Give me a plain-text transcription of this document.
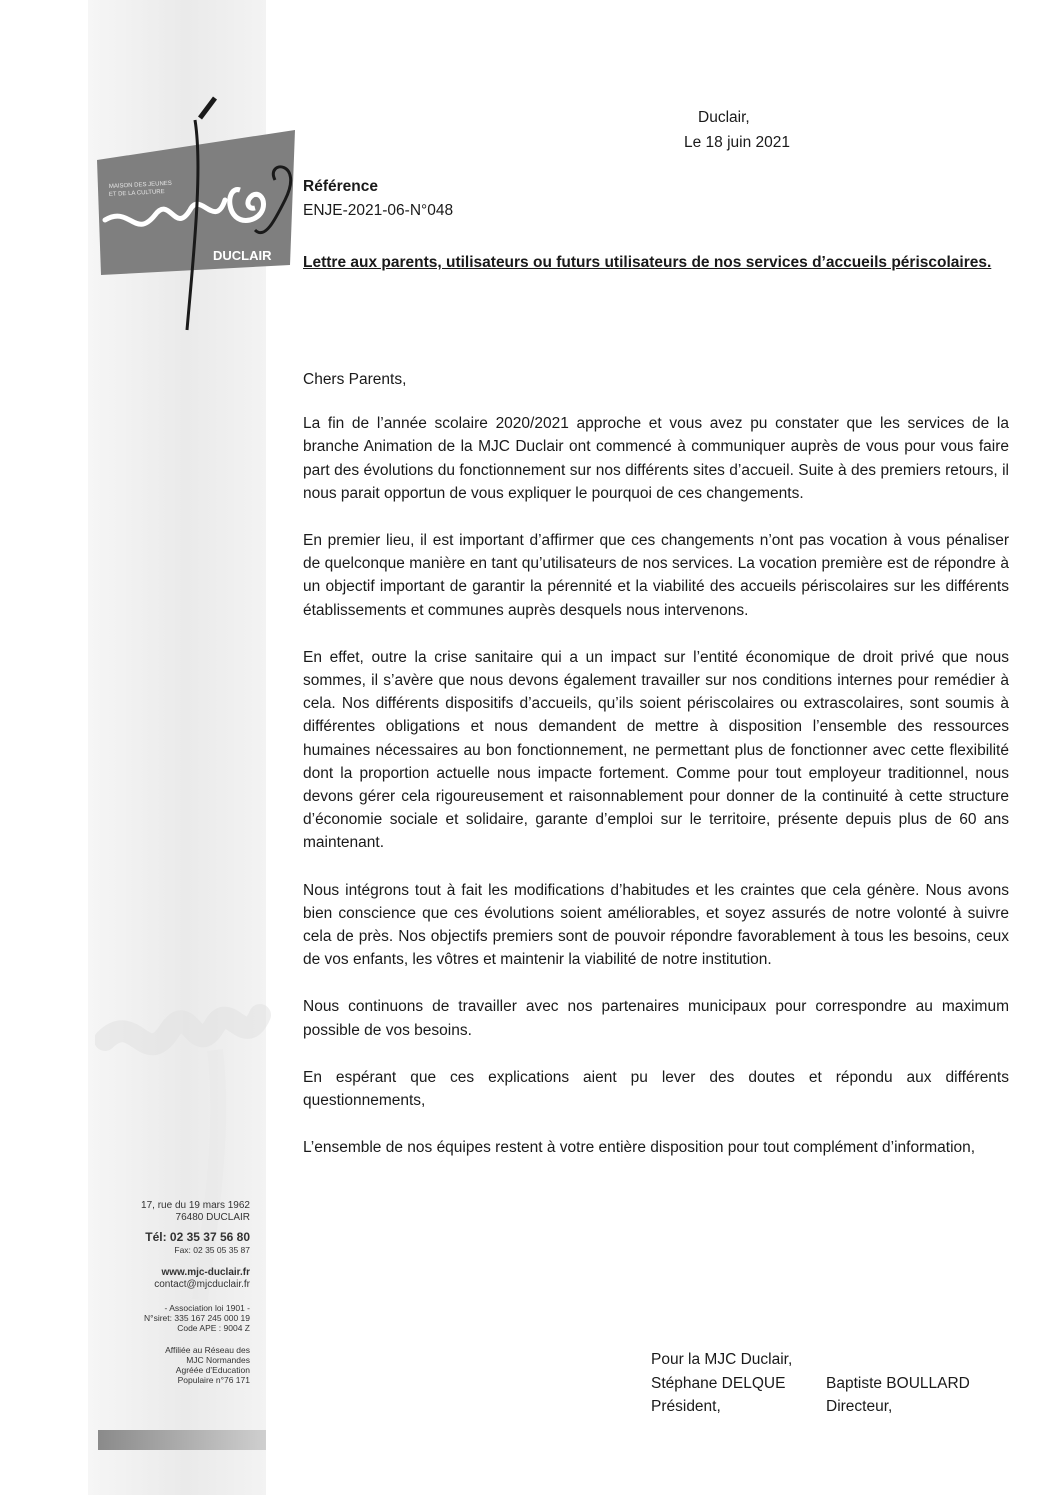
MAISON DES JEUNES
ET DE LA CULTURE
DUCLAIR
17, rue du 19 mars 1962
76480 DUCLAIR
Tél: 02 35 37 56 80
Fax: 02 35 05 35 87
www.mjc-duclair.fr
contact@mjcduclair.fr
- Association loi 1901 -
N°siret: 335 167 245 000 19
Code APE : 9004 Z
Affiliée au Réseau des
MJC Normandes
Agréée d’Education
Populaire n°76 171
Duclair,
Le 18 juin 2021
Référence
ENJE-2021-06-N°048
Lettre aux parents, utilisateurs ou futurs utilisateurs de nos services d’accueils périscolaires.

Chers Parents,

La fin de l’année scolaire 2020/2021 approche et vous avez pu constater que les services de la branche Animation de la MJC Duclair ont commencé à communiquer auprès de vous pour vous faire part des évolutions du fonctionnement sur nos différents sites d’accueil. Suite à des premiers retours, il nous parait opportun de vous expliquer le pourquoi de ces changements.

En premier lieu, il est important d’affirmer que ces changements n’ont pas vocation à vous pénaliser de quelconque manière en tant qu’utilisateurs de nos services. La vocation première est de répondre à un objectif important de garantir la pérennité et la viabilité des accueils périscolaires sur les différents établissements et communes auprès desquels nous intervenons.

En effet, outre la crise sanitaire qui a un impact sur l’entité économique de droit privé que nous sommes, il s’avère que nous devons également travailler sur nos conditions internes pour remédier à cela. Nos différents dispositifs d’accueils, qu’ils soient périscolaires ou extrascolaires, sont soumis à différentes obligations et nous demandent de mettre à disposition l’ensemble des ressources humaines nécessaires au bon fonctionnement, ne permettant plus de fonctionner avec cette flexibilité dont la proportion actuelle nous impacte fortement. Comme pour tout employeur traditionnel, nous devons gérer cela rigoureusement et raisonnablement pour donner de la continuité à cette structure d’économie sociale et solidaire, garante d’emploi sur le territoire, présente depuis plus de 60 ans maintenant.

Nous intégrons tout à fait les modifications d’habitudes et les craintes que cela génère. Nous avons bien conscience que ces évolutions soient améliorables, et soyez assurés de notre volonté à suivre cela de près. Nos objectifs premiers sont de pouvoir répondre favorablement à tous les besoins, ceux de vos enfants, les vôtres et maintenir la viabilité de notre institution.

Nous continuons de travailler avec nos partenaires municipaux pour correspondre au maximum possible de vos besoins.

En espérant que ces explications aient pu lever des doutes et répondu aux différents questionnements,

L’ensemble de nos équipes restent à votre entière disposition pour tout complément d’information,

Pour la MJC Duclair,
Stéphane DELQUE
Président,
Baptiste BOULLARD
Directeur,
